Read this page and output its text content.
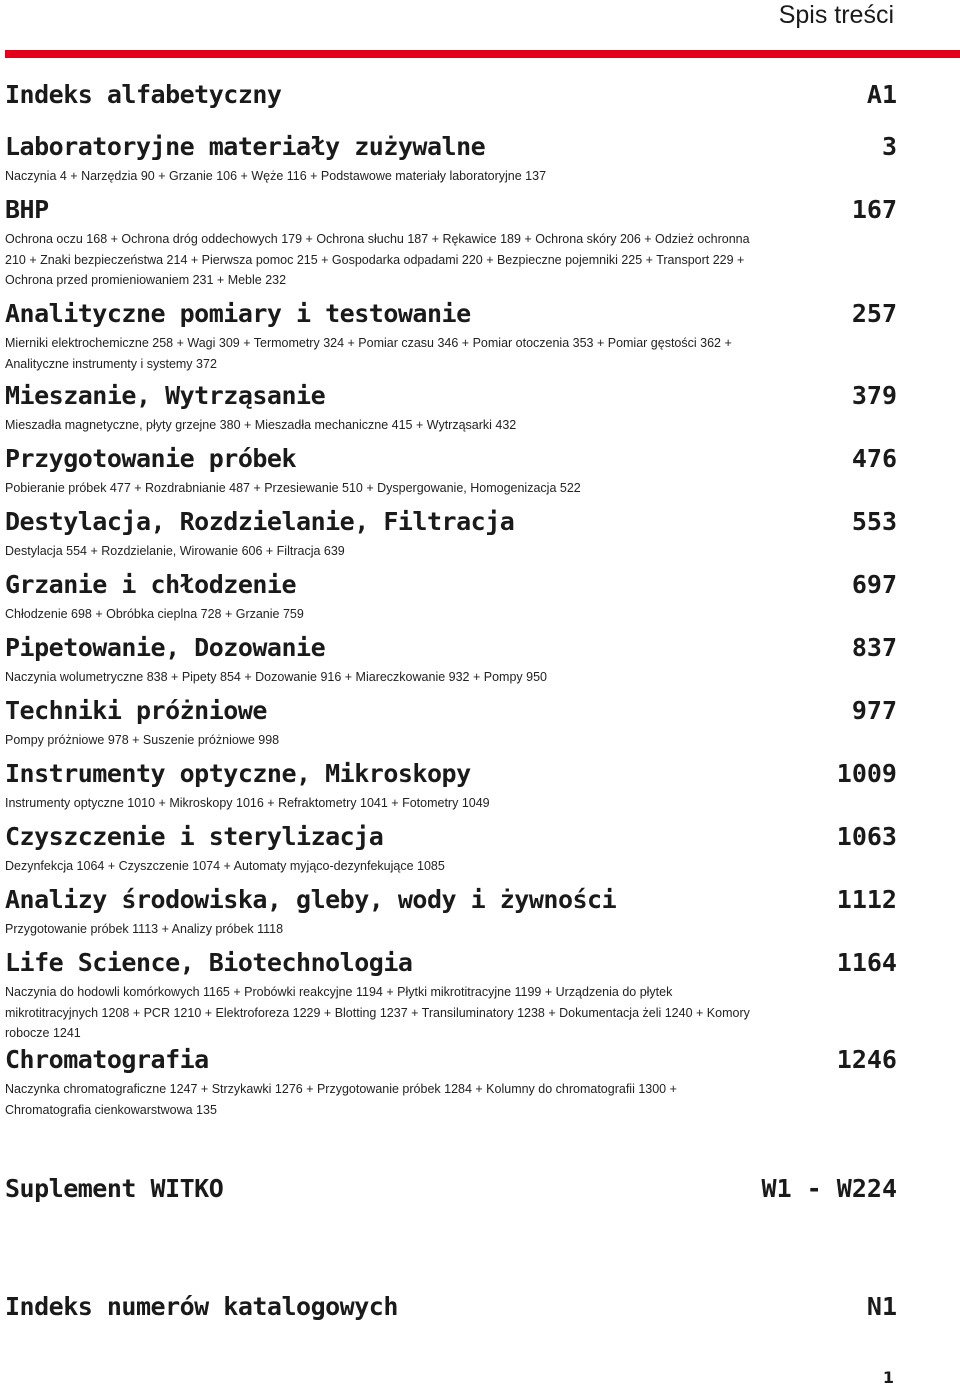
Spis treści
Indeks alfabetyczny	A1
Laboratoryjne materiały zużywalne	3
Naczynia 4 + Narzędzia 90 + Grzanie 106 + Węże 116 + Podstawowe materiały laboratoryjne 137
BHP	167
Ochrona oczu 168 + Ochrona dróg oddechowych 179 + Ochrona słuchu 187 + Rękawice 189 + Ochrona skóry 206 + Odzież ochronna 210 + Znaki bezpieczeństwa 214 + Pierwsza pomoc 215 + Gospodarka odpadami 220 + Bezpieczne pojemniki 225 + Transport 229 + Ochrona przed promieniowaniem 231 + Meble 232
Analityczne pomiary i testowanie	257
Mierniki elektrochemiczne 258 + Wagi 309 + Termometry 324 + Pomiar czasu 346 + Pomiar otoczenia 353 + Pomiar gęstości 362 + Analityczne instrumenty i systemy 372
Mieszanie, Wytrząsanie	379
Mieszadła magnetyczne, płyty grzejne 380 + Mieszadła mechaniczne 415 + Wytrząsarki 432
Przygotowanie próbek	476
Pobieranie próbek 477 + Rozdrabnianie 487 + Przesiewanie 510 + Dyspergowanie, Homogenizacja 522
Destylacja, Rozdzielanie, Filtracja	553
Destylacja 554 + Rozdzielanie, Wirowanie 606 + Filtracja 639
Grzanie i chłodzenie	697
Chłodzenie 698 + Obróbka cieplna 728 + Grzanie 759
Pipetowanie, Dozowanie	837
Naczynia wolumetryczne 838 + Pipety 854 + Dozowanie 916 + Miareczkowanie 932 + Pompy 950
Techniki próżniowe	977
Pompy próżniowe 978 + Suszenie próżniowe 998
Instrumenty optyczne, Mikroskopy	1009
Instrumenty optyczne 1010 + Mikroskopy 1016 + Refraktometry 1041 + Fotometry 1049
Czyszczenie i sterylizacja	1063
Dezynfekcja 1064 + Czyszczenie 1074 + Automaty myjąco-dezynfekujące 1085
Analizy środowiska, gleby, wody i żywności	1112
Przygotowanie próbek 1113 + Analizy próbek 1118
Life Science, Biotechnologia	1164
Naczynia do hodowli komórkowych 1165 + Probówki reakcyjne 1194 + Płytki mikrotitracyjne 1199 + Urządzenia do płytek mikrotitracyjnych 1208 + PCR 1210 + Elektroforeza 1229 + Blotting 1237 + Transiluminatory 1238 + Dokumentacja żeli 1240 + Komory robocze 1241
Chromatografia	1246
Naczynka chromatograficzne 1247 + Strzykawki 1276 + Przygotowanie próbek 1284 + Kolumny do chromatografii 1300 + Chromatografia cienkowarstwowa 135
Suplement WITKO	W1 - W224
Indeks numerów katalogowych	N1
1
